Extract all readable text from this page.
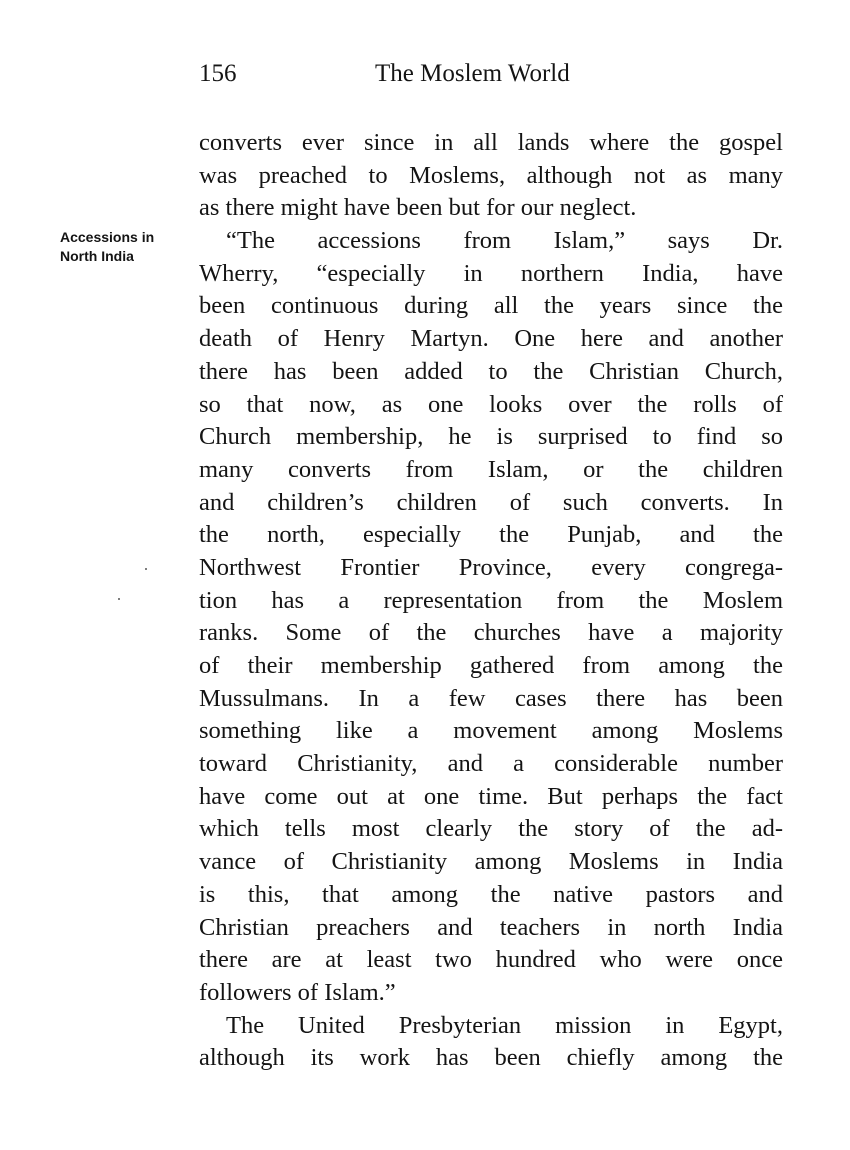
156	The Moslem World
Accessions in
North India
converts ever since in all lands where the gospel
was preached to Moslems, although not as many
as there might have been but for our neglect.
“The accessions from Islam,” says Dr.
Wherry, “especially in northern India, have
been continuous during all the years since the
death of Henry Martyn. One here and another
there has been added to the Christian Church,
so that now, as one looks over the rolls of
Church membership, he is surprised to find so
many converts from Islam, or the children
and children’s children of such converts. In
the north, especially the Punjab, and the
Northwest Frontier Province, every congrega-
tion has a representation from the Moslem
ranks. Some of the churches have a majority
of their membership gathered from among the
Mussulmans. In a few cases there has been
something like a movement among Moslems
toward Christianity, and a considerable number
have come out at one time. But perhaps the fact
which tells most clearly the story of the ad-
vance of Christianity among Moslems in India
is this, that among the native pastors and
Christian preachers and teachers in north India
there are at least two hundred who were once
followers of Islam.”
The United Presbyterian mission in Egypt,
although its work has been chiefly among the
